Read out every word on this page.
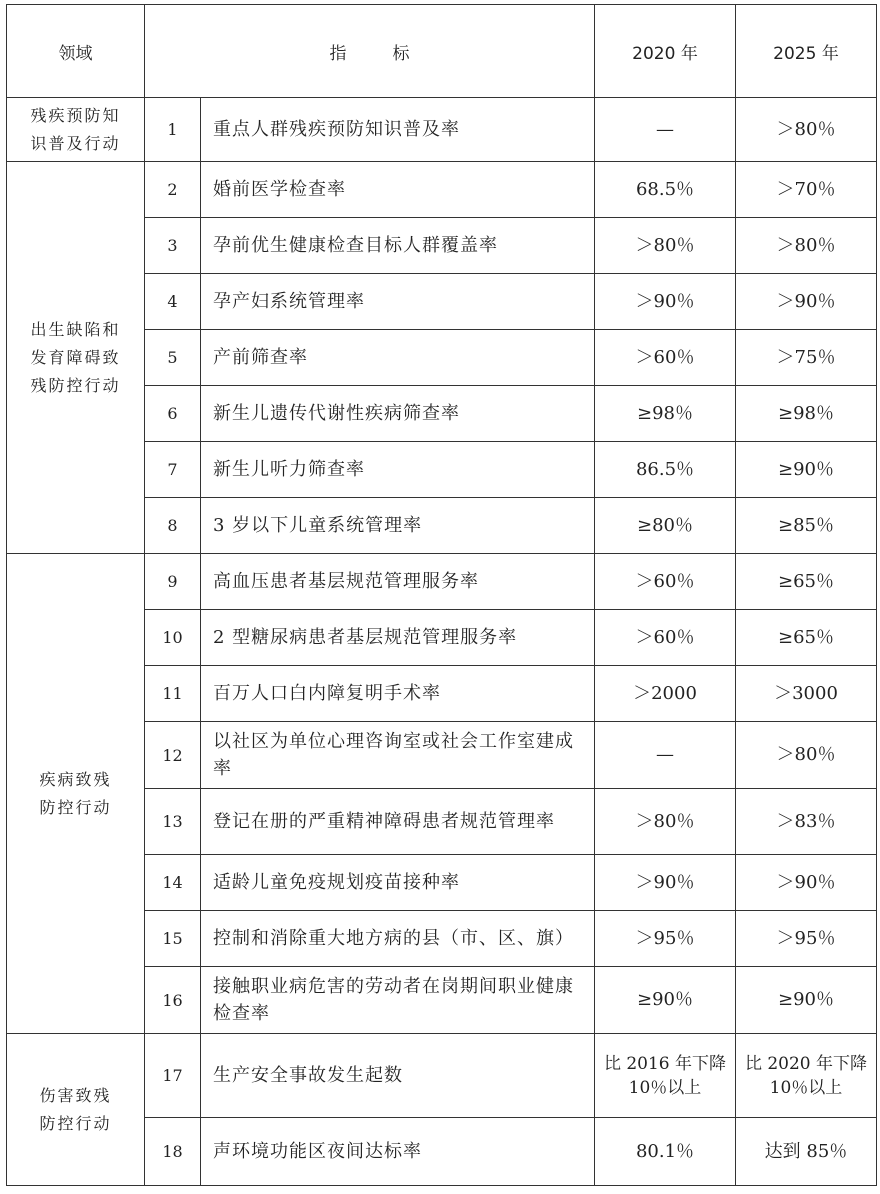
领域	指 标		2020 年	2025 年

残疾预防知
识普及行动	1	重点人群残疾预防知识普及率	—	＞80％

出生缺陷和
发育障碍致
残防控行动	2	婚前医学检查率	68.5％	＞70％
	3	孕前优生健康检查目标人群覆盖率	＞80％	＞80％
	4	孕产妇系统管理率	＞90％	＞90％
	5	产前筛查率	＞60％	＞75％
	6	新生儿遗传代谢性疾病筛查率	≥98％	≥98％
	7	新生儿听力筛查率	86.5％	≥90％
	8	3 岁以下儿童系统管理率	≥80％	≥85％

疾病致残
防控行动	9	高血压患者基层规范管理服务率	＞60％	≥65％
	10	2 型糖尿病患者基层规范管理服务率	＞60％	≥65％
	11	百万人口白内障复明手术率	＞2000	＞3000
	12	以社区为单位心理咨询室或社会工作室建成率	—	＞80％
	13	登记在册的严重精神障碍患者规范管理率	＞80％	＞83％
	14	适龄儿童免疫规划疫苗接种率	＞90％	＞90％
	15	控制和消除重大地方病的县（市、区、旗）	＞95％	＞95％
	16	接触职业病危害的劳动者在岗期间职业健康检查率	≥90％	≥90％

伤害致残
防控行动	17	生产安全事故发生起数	比 2016 年下降 10％以上	比 2020 年下降 10％以上
	18	声环境功能区夜间达标率	80.1％	达到 85％
